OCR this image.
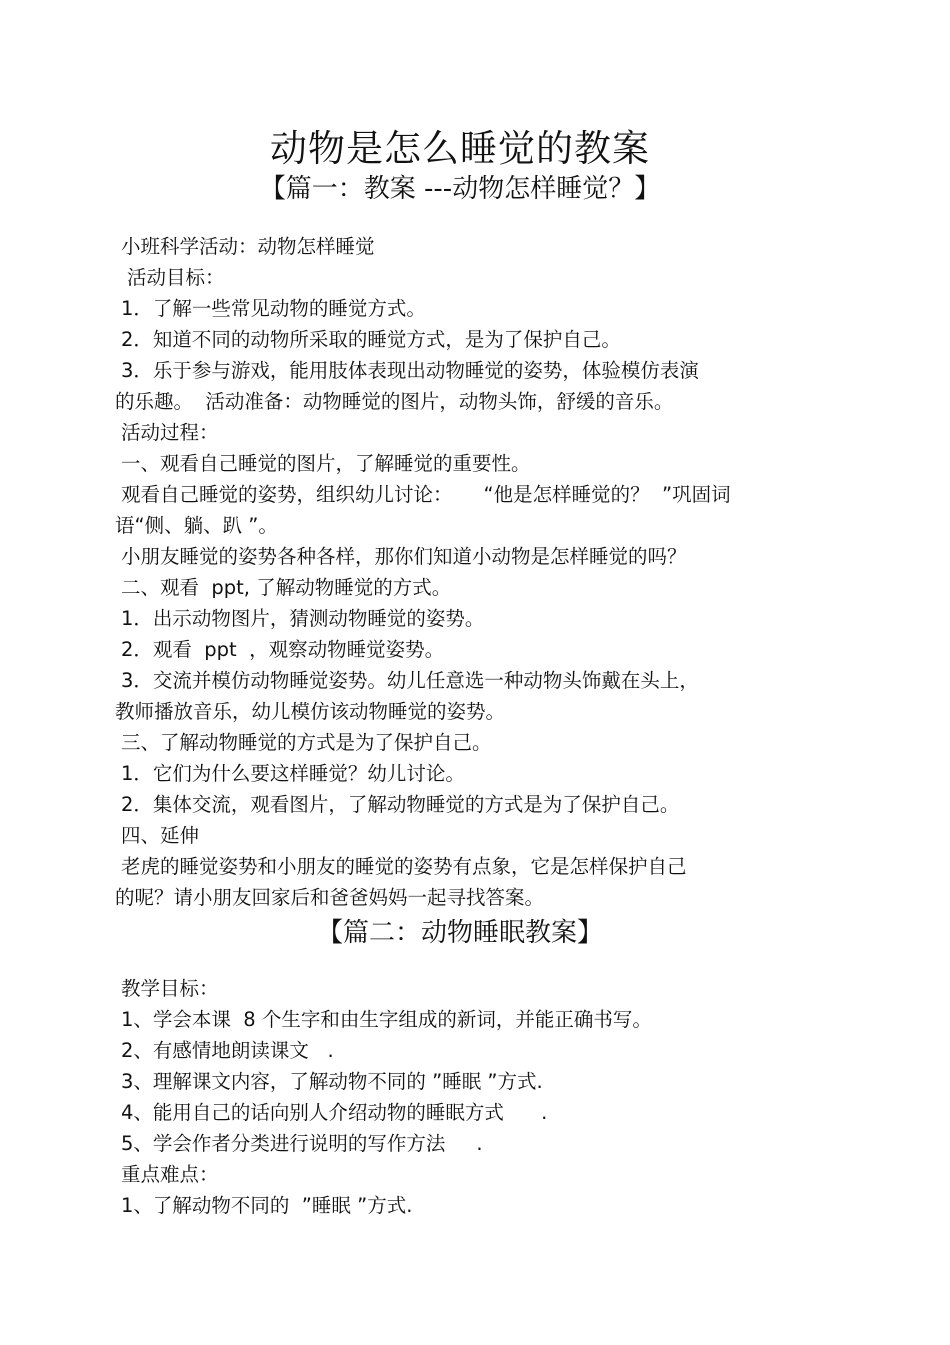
动物是怎么睡觉的教案
【篇一：教案 ---动物怎样睡觉？】
小班科学活动：动物怎样睡觉
活动目标：
1．了解一些常见动物的睡觉方式。
2．知道不同的动物所采取的睡觉方式，是为了保护自己。
3．乐于参与游戏，能用肢体表现出动物睡觉的姿势，体验模仿表演
的乐趣。  活动准备：动物睡觉的图片，动物头饰，舒缓的音乐。
活动过程：
一、观看自己睡觉的图片，了解睡觉的重要性。
观看自己睡觉的姿势，组织幼儿讨论：     “他是怎样睡觉的？  ”巩固词
语“侧、躺、趴 ”。
小朋友睡觉的姿势各种各样，那你们知道小动物是怎样睡觉的吗？
二、观看  ppt, 了解动物睡觉的方式。
1．出示动物图片，猜测动物睡觉的姿势。
2．观看  ppt  ，观察动物睡觉姿势。
3．交流并模仿动物睡觉姿势。幼儿任意选一种动物头饰戴在头上，
教师播放音乐，幼儿模仿该动物睡觉的姿势。
三、了解动物睡觉的方式是为了保护自己。
1．它们为什么要这样睡觉？幼儿讨论。
2．集体交流，观看图片，了解动物睡觉的方式是为了保护自己。
四、延伸
老虎的睡觉姿势和小朋友的睡觉的姿势有点象，它是怎样保护自己
的呢？请小朋友回家后和爸爸妈妈一起寻找答案。
【篇二：动物睡眠教案】
教学目标：
1、学会本课  8 个生字和由生字组成的新词，并能正确书写。
2、有感情地朗读课文   .
3、理解课文内容，了解动物不同的 ”睡眠 ”方式.
4、能用自己的话向别人介绍动物的睡眠方式      .
5、学会作者分类进行说明的写作方法     .
重点难点：
1、了解动物不同的  ”睡眠 ”方式.
